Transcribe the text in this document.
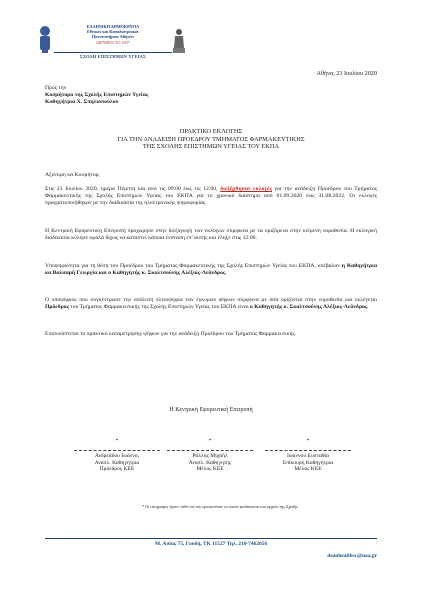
ΕΛΛΗΝΙΚΗ ΔΗΜΟΚΡΑΤΙΑ
Εθνικόν και Καποδιστριακόν
Πανεπιστήμιον Αθηνών
ΙΔΡΥΘΕΝ ΤΟ 1837
ΣΧΟΛΗ ΕΠΙΣΤΗΜΩΝ ΥΓΕΙΑΣ
Αθήνα, 23 Ιουλίου 2020
Προς την
Κοσμήτορα της Σχολής Επιστημών Υγείας
Καθηγήτρια Χ. Σπηλιοπούλου
ΠΡΑΚΤΙΚΟ ΕΚΛΟΓΗΣ
ΓΙΑ ΤΗΝ ΑΝΑΔΕΙΞΗ ΠΡΟΕΔΡΟΥ ΤΜΗΜΑΤΟΣ ΦΑΡΜΑΚΕΥΤΙΚΗΣ
ΤΗΣ ΣΧΟΛΗΣ ΕΠΙΣΤΗΜΩΝ ΥΓΕΙΑΣ ΤΟΥ ΕΚΠΑ
Αξιότιμη κα Κοσμήτορ,
Στις 23 Ιουλίου 2020, ημέρα Πέμπτη και από τις 09:00 έως τις 12:00, διεξήχθησαν εκλογές για την ανάδειξη Προέδρου του Τμήματος Φαρμακευτικής της Σχολής Επιστημών Υγείας του ΕΚΠΑ για το χρονικό διάστημα από 01.09.2020 έως 31.08.2022. Οι εκλογές πραγματοποιήθηκαν με την διαδικασία της ηλεκτρονικής ψηφοφορίας.
Η Κεντρική Εφορευτική Επιτροπή προχώρησε στην διεξαγωγή των εκλογών σύμφωνα με τα οριζόμενα στην κείμενη νομοθεσία. Η εκλογική διαδικασία κύλησε ομαλά δίχως να καταστεί κάποια ένσταση επ' αυτής και έληξε στις 12:00.
Υποψηφιότητα για τη θέση του Προέδρου του Τμήματος Φαρμακευτικής της Σχολής Επιστημών Υγείας του ΕΚΠΑ, υπέβαλαν η Καθηγήτρια κα Βαλσαμή Γεωργία και ο Καθηγητής κ. Σκαλτσούνης Αλέξιος-Λεάνδρος.
Ο υποψήφιος που συγκέντρωσε την απόλυτη πλειοψηφία των έγκυρων ψήφων σύμφωνα με όσα ορίζονται στην νομοθεσία και εκλέγεται Πρόεδρος του Τμήματος Φαρμακευτικής της Σχολής Επιστημών Υγείας του ΕΚΠΑ είναι ο Καθηγητής κ. Σκαλτσούνης Αλέξιος-Λεάνδρος.
Επισυνάπτεται το πρακτικό καταμέτρησης ψήφων για την ανάδειξη Προέδρου του Τμήματος Φαρμακευτικής.
Η Κεντρική Εφορευτική Επιτροπή
*
Ανδρεάδου Ιωάννα,
Αναπλ. Καθηγήτρια
Πρόεδρος ΚΕΕ
*
Ράλλης Μιχαήλ
Αναπλ. Καθηγητής
Μέλος ΚΕΕ
*
Ιωάννου Ευσταθία
Επίκουρη Καθηγήτρια
Μέλος ΚΕΕ
* Οι υπογραφές έχουν τεθεί επί του πρωτοτύπου το οποίο φυλάσσεται στο αρχείο της Σχολής
Μ. Ασίας 75, Γουδή, ΤΚ 11527 Τηλ. 210-7462056
deanhealthsc@uoa.gr
